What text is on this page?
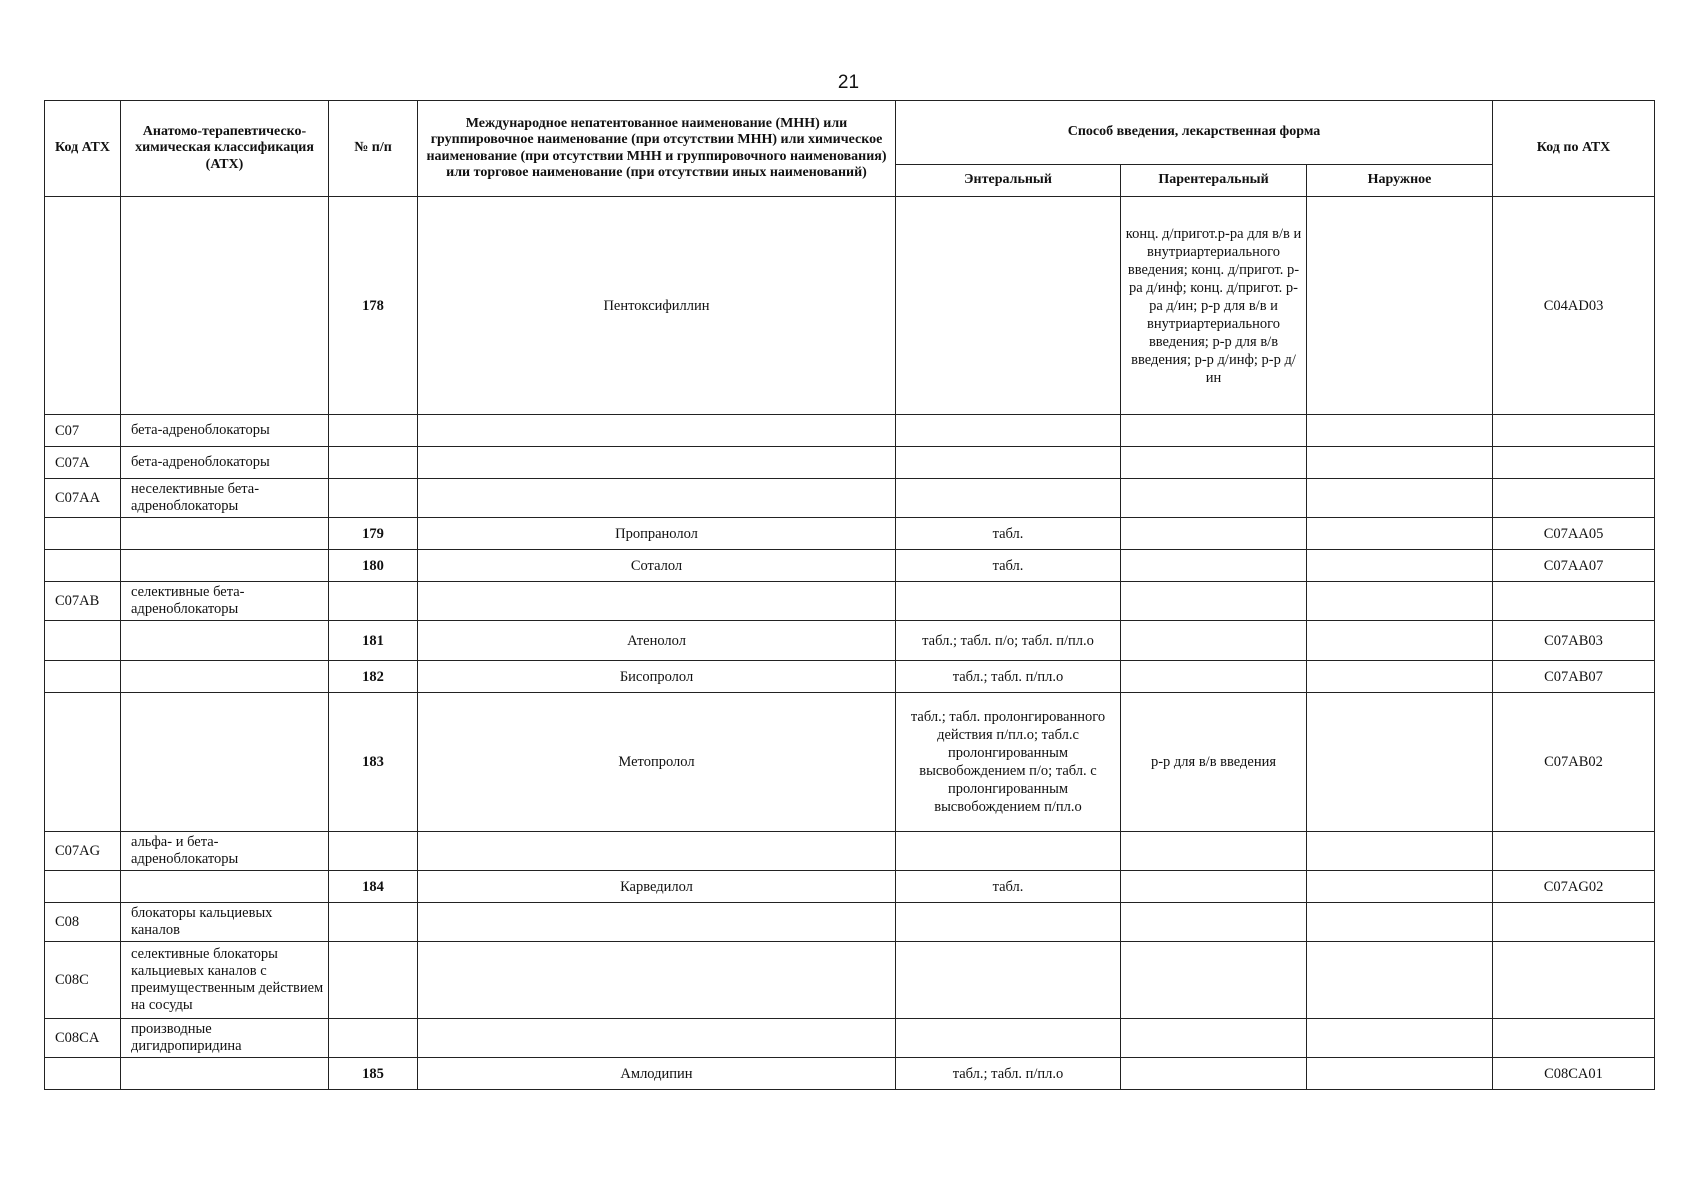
21
Код АТХ	Анатомо-терапевтическо-химическая классификация (АТХ)	№ п/п	Международное непатентованное наименование (МНН) или группировочное наименование (при отсутствии МНН) или химическое наименование (при отсутствии МНН и группировочного наименования) или торговое наименование (при отсутствии иных наименований)	Способ введения, лекарственная форма			Код по АТХ
				Энтеральный	Парентеральный	Наружное	
		178	Пентоксифиллин		конц. д/пригот.р-ра для в/в и внутриартериального введения; конц. д/пригот. р-ра д/инф; конц. д/пригот. р-ра д/ин; р-р для в/в и внутриартериального введения; р-р для в/в введения; р-р д/инф; р-р д/ин		C04AD03
C07	бета-адреноблокаторы						
C07A	бета-адреноблокаторы						
C07AA	неселективные бета-адреноблокаторы						
		179	Пропранолол	табл.			C07AA05
		180	Соталол	табл.			C07AA07
C07AB	селективные бета-адреноблокаторы						
		181	Атенолол	табл.; табл. п/о; табл. п/пл.о			C07AB03
		182	Бисопролол	табл.; табл. п/пл.о			C07AB07
		183	Метопролол	табл.; табл. пролонгированного действия п/пл.о; табл.с пролонгированным высвобождением п/о; табл. с пролонгированным высвобождением п/пл.о	р-р для в/в введения		C07AB02
C07AG	альфа- и бета-адреноблокаторы						
		184	Карведилол	табл.			C07AG02
C08	блокаторы кальциевых каналов						
C08C	селективные блокаторы кальциевых каналов с преимущественным действием на сосуды						
C08CA	производные дигидропиридина						
		185	Амлодипин	табл.; табл. п/пл.о			C08CA01
